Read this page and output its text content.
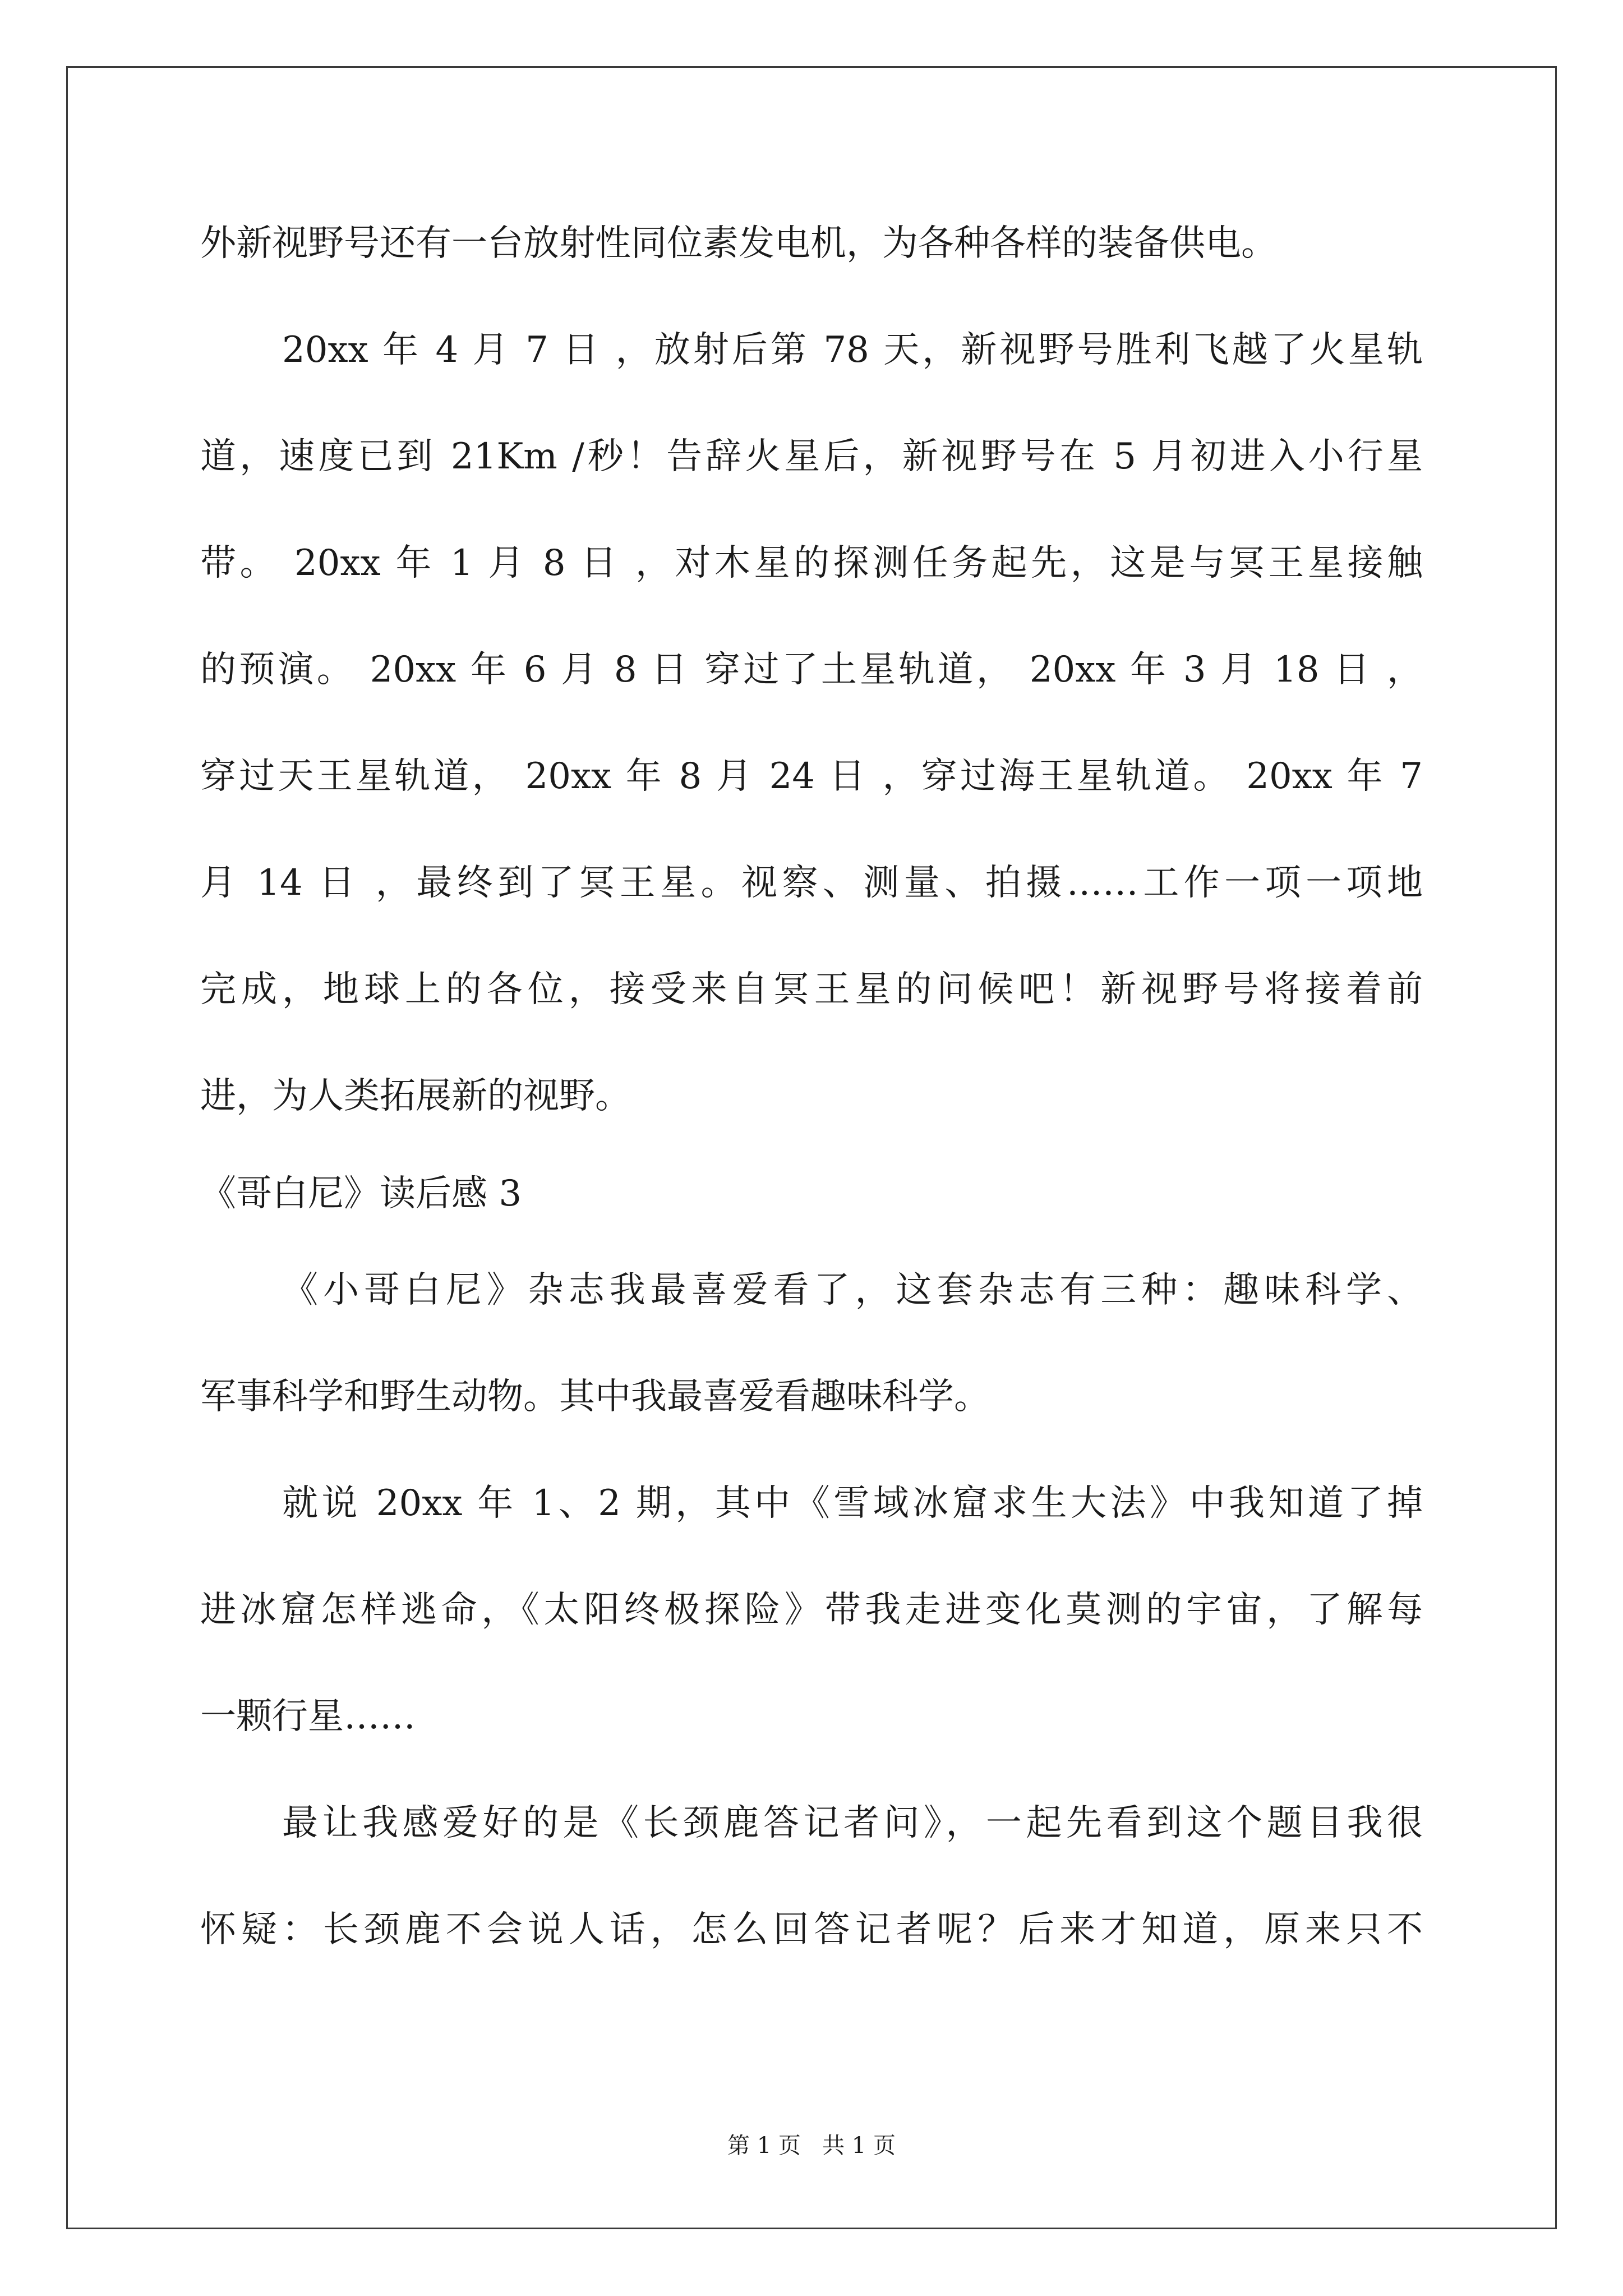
外新视野号还有一台放射性同位素发电机，为各种各样的装备供电。
20xx 年 4 月 7 日 ，放射后第 78 天，新视野号胜利飞越了火星轨
道，速度已到 21Km /秒！告辞火星后，新视野号在 5 月初进入小行星
带。 20xx 年 1 月 8 日 ，对木星的探测任务起先，这是与冥王星接触
的预演。 20xx 年 6 月 8 日 穿过了土星轨道， 20xx 年 3 月 18 日 ，
穿过天王星轨道， 20xx 年 8 月 24 日 ，穿过海王星轨道。 20xx 年 7
月 14 日 ，最终到了冥王星。视察、测量、拍摄……工作一项一项地
完成，地球上的各位，接受来自冥王星的问候吧！新视野号将接着前
进，为人类拓展新的视野。
《哥白尼》读后感 3
《小哥白尼》杂志我最喜爱看了，这套杂志有三种：趣味科学、
军事科学和野生动物。其中我最喜爱看趣味科学。
就说 20xx 年 1、2 期，其中《雪域冰窟求生大法》中我知道了掉
进冰窟怎样逃命，《太阳终极探险》带我走进变化莫测的宇宙，了解每
一颗行星……
最让我感爱好的是《长颈鹿答记者问》，一起先看到这个题目我很
怀疑：长颈鹿不会说人话，怎么回答记者呢？后来才知道，原来只不
第 1 页   共 1 页
